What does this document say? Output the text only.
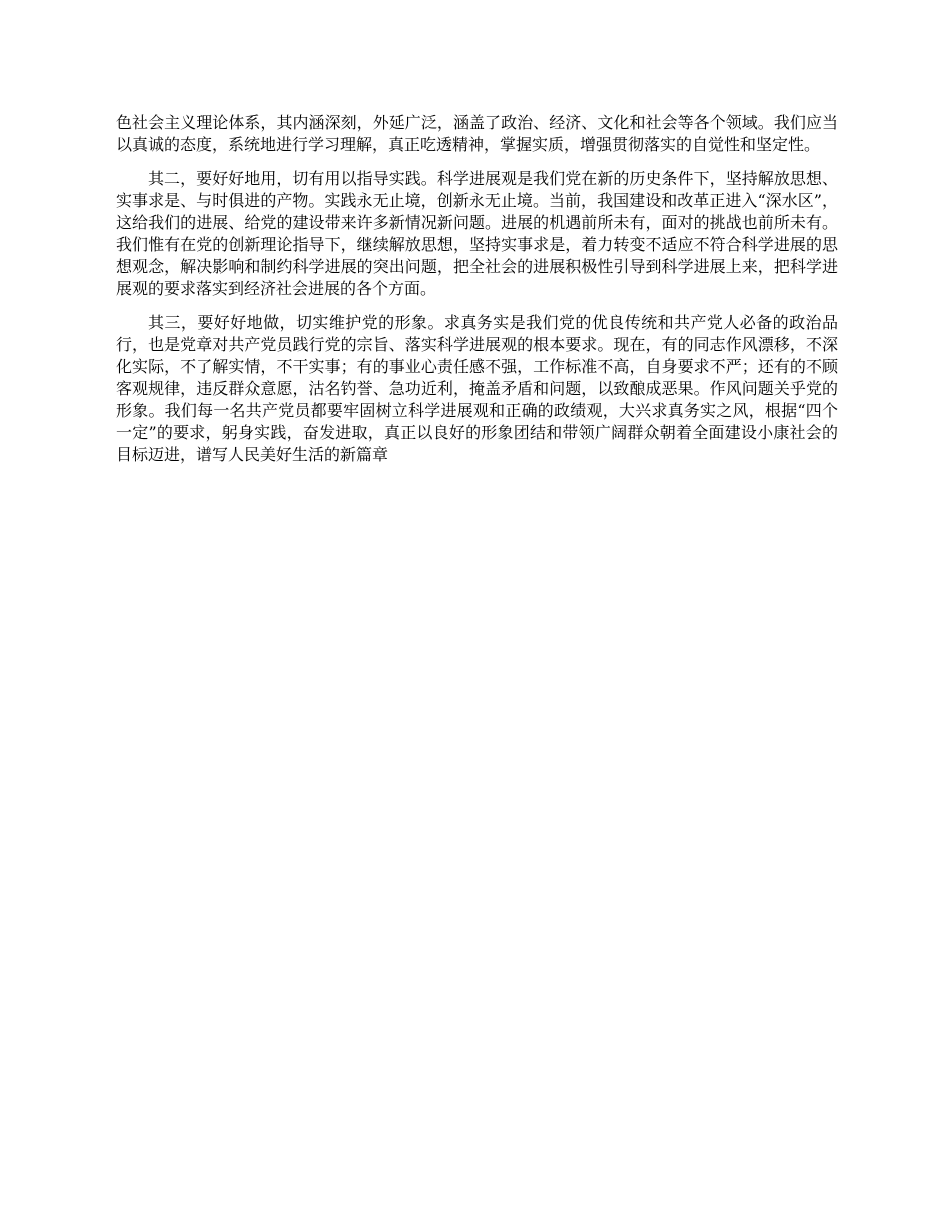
色社会主义理论体系，其内涵深刻，外延广泛，涵盖了政治、经济、文化和社会等各个领域。我们应当以真诚的态度，系统地进行学习理解，真正吃透精神，掌握实质，增强贯彻落实的自觉性和坚定性。

其二，要好好地用，切有用以指导实践。科学进展观是我们党在新的历史条件下，坚持解放思想、实事求是、与时俱进的产物。实践永无止境，创新永无止境。当前，我国建设和改革正进入“深水区”，这给我们的进展、给党的建设带来许多新情况新问题。进展的机遇前所未有，面对的挑战也前所未有。我们惟有在党的创新理论指导下，继续解放思想，坚持实事求是，着力转变不适应不符合科学进展的思想观念，解决影响和制约科学进展的突出问题，把全社会的进展积极性引导到科学进展上来，把科学进展观的要求落实到经济社会进展的各个方面。

其三，要好好地做，切实维护党的形象。求真务实是我们党的优良传统和共产党人必备的政治品行，也是党章对共产党员践行党的宗旨、落实科学进展观的根本要求。现在，有的同志作风漂移，不深化实际，不了解实情，不干实事；有的事业心责任感不强，工作标准不高，自身要求不严；还有的不顾客观规律，违反群众意愿，沽名钓誉、急功近利，掩盖矛盾和问题，以致酿成恶果。作风问题关乎党的形象。我们每一名共产党员都要牢固树立科学进展观和正确的政绩观，大兴求真务实之风，根据“四个一定”的要求，躬身实践，奋发进取，真正以良好的形象团结和带领广阔群众朝着全面建设小康社会的目标迈进，谱写人民美好生活的新篇章
